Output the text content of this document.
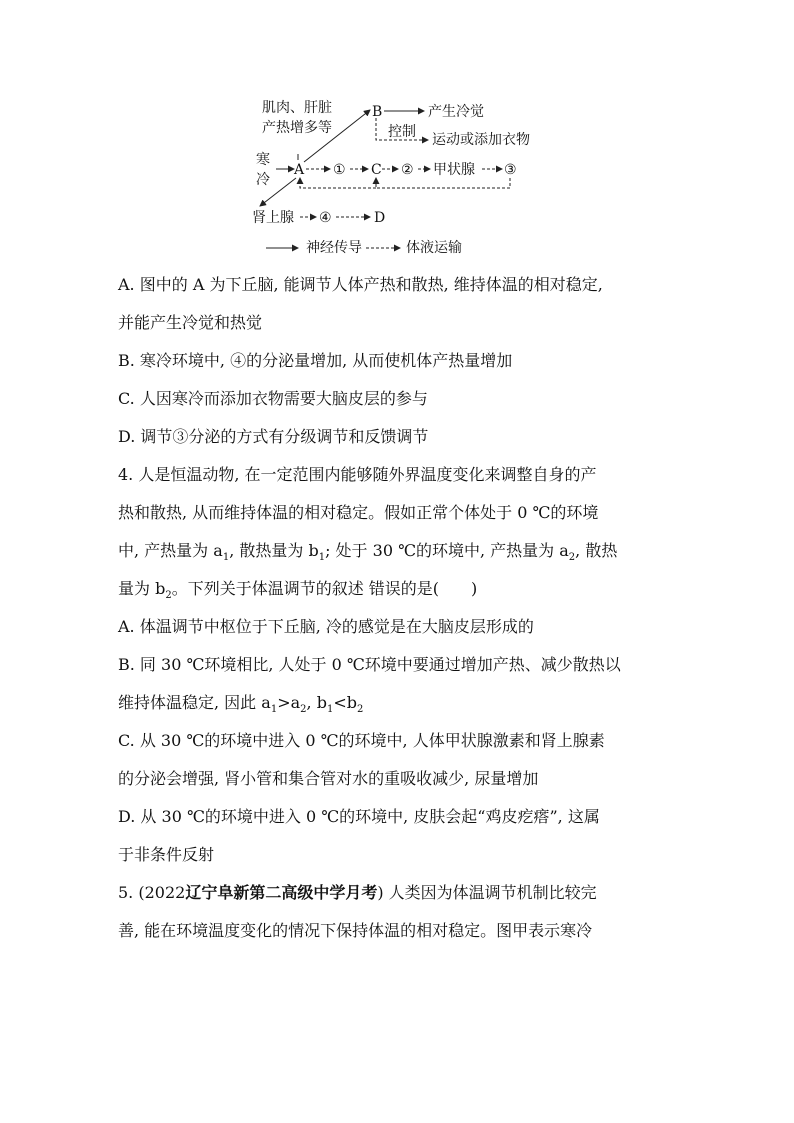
肌肉、肝脏
产热增多等
寒
冷
A
B	产生冷觉
控制 运动或添加衣物
① C ② 甲状腺 ③
肾上腺 ④	D
神经传导	体液运输

A. 图中的 A 为下丘脑, 能调节人体产热和散热, 维持体温的相对稳定,

并能产生冷觉和热觉

B. 寒冷环境中, ④的分泌量增加, 从而使机体产热量增加

C. 人因寒冷而添加衣物需要大脑皮层的参与

D. 调节③分泌的方式有分级调节和反馈调节

4. 人是恒温动物, 在一定范围内能够随外界温度变化来调整自身的产

热和散热, 从而维持体温的相对稳定。假如正常个体处于 0 ℃的环境

中, 产热量为 $a_1$, 散热量为 $b_1$; 处于 30 ℃的环境中, 产热量为 $a_2$, 散热

量为 $b_2$。下列关于体温调节的叙述 错误的是(　　)

A. 体温调节中枢位于下丘脑, 冷的感觉是在大脑皮层形成的

B. 同 30 ℃环境相比, 人处于 0 ℃环境中要通过增加产热、减少散热以

维持体温稳定, 因此 $a_1>a_2$, $b_1<b_2$

C. 从 30 ℃的环境中进入 0 ℃的环境中, 人体甲状腺激素和肾上腺素

的分泌会增强, 肾小管和集合管对水的重吸收减少, 尿量增加

D. 从 30 ℃的环境中进入 0 ℃的环境中, 皮肤会起“鸡皮疙瘩”, 这属

于非条件反射

5. (2022辽宁阜新第二高级中学月考) 人类因为体温调节机制比较完

善, 能在环境温度变化的情况下保持体温的相对稳定。图甲表示寒冷
